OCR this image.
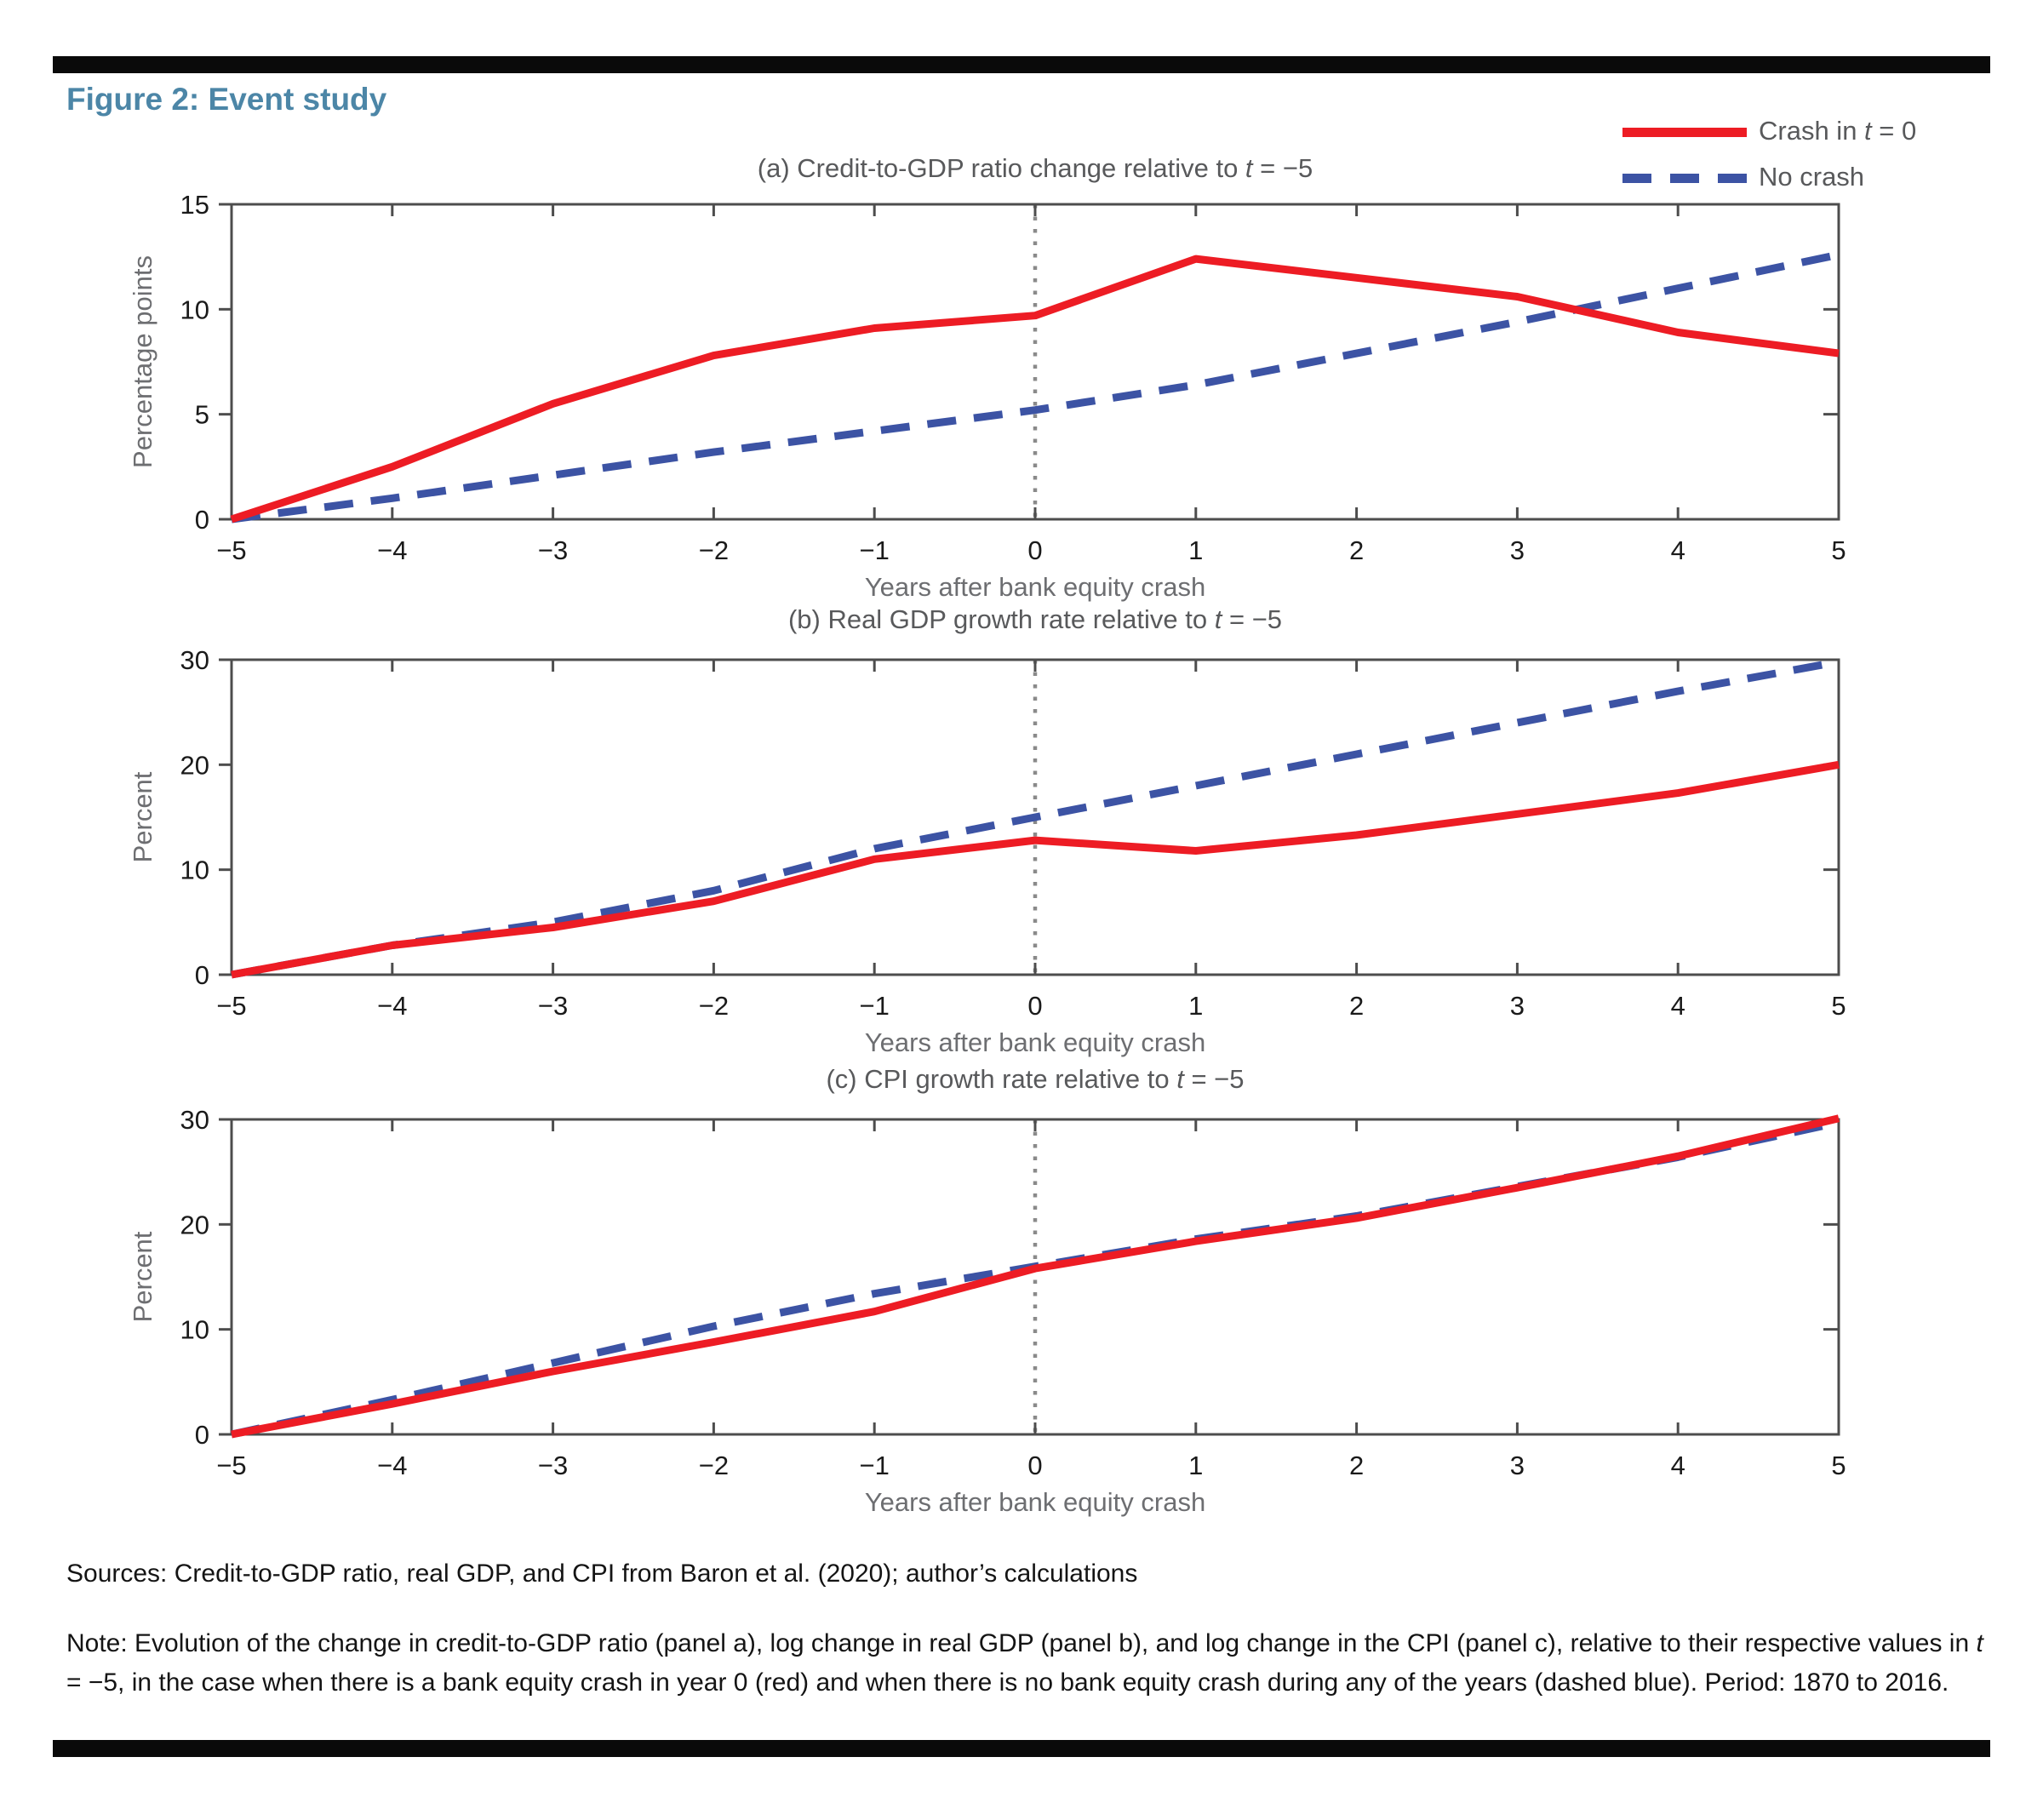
Figure 2: Event study
Crash in t = 0
No crash
(a) Credit-to-GDP ratio change relative to t = −5
(b) Real GDP growth rate relative to t = −5
(c) CPI growth rate relative to t = −5
−5	−4	−3	−2	−1	0	1	2	3	4	5
0
5
10
15
Years after bank equity crash
Percentage points
−5	−4	−3	−2	−1	0	1	2	3	4	5
0
10
20
30
Years after bank equity crash
Percent
−5	−4	−3	−2	−1	0	1	2	3	4	5
0
10
20
30
Years after bank equity crash
Percent
Sources: Credit-to-GDP ratio, real GDP, and CPI from Baron et al. (2020); author’s calculations
Note: Evolution of the change in credit-to-GDP ratio (panel a), log change in real GDP (panel b), and log change in the CPI (panel c), relative to their respective values in t = −5, in the case when there is a bank equity crash in year 0 (red) and when there is no bank equity crash during any of the years (dashed blue). Period: 1870 to 2016.
